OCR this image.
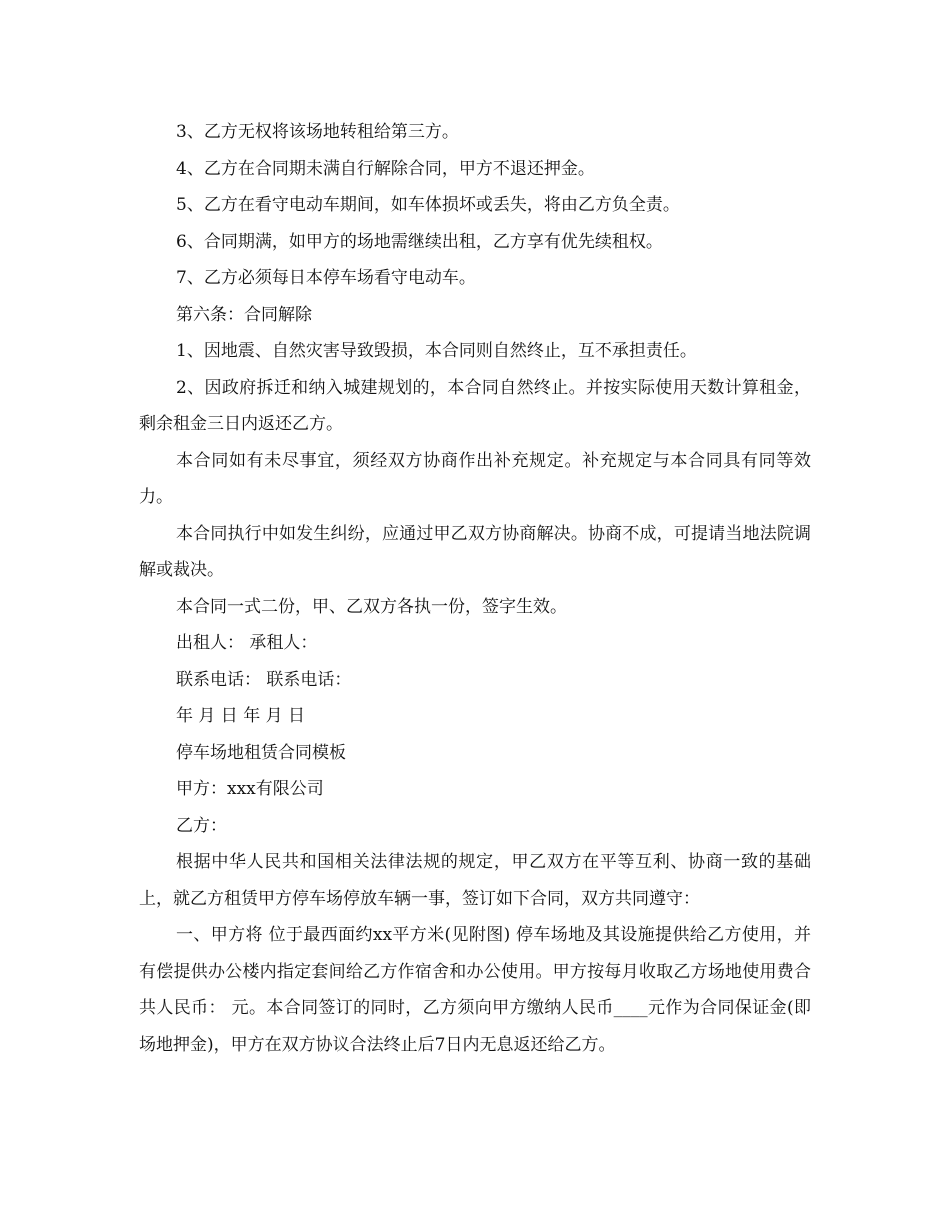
3、乙方无权将该场地转租给第三方。

4、乙方在合同期未满自行解除合同，甲方不退还押金。

5、乙方在看守电动车期间，如车体损坏或丢失，将由乙方负全责。

6、合同期满，如甲方的场地需继续出租，乙方享有优先续租权。

7、乙方必须每日本停车场看守电动车。

第六条：合同解除

1、因地震、自然灾害导致毁损，本合同则自然终止，互不承担责任。

2、因政府拆迁和纳入城建规划的，本合同自然终止。并按实际使用天数计算租金，剩余租金三日内返还乙方。

本合同如有未尽事宜，须经双方协商作出补充规定。补充规定与本合同具有同等效力。

本合同执行中如发生纠纷，应通过甲乙双方协商解决。协商不成，可提请当地法院调解或裁决。

本合同一式二份，甲、乙双方各执一份，签字生效。

出租人： 承租人：

联系电话： 联系电话：

年 月 日 年 月 日

停车场地租赁合同模板

甲方：xxx有限公司

乙方：

根据中华人民共和国相关法律法规的规定，甲乙双方在平等互利、协商一致的基础上，就乙方租赁甲方停车场停放车辆一事，签订如下合同，双方共同遵守：

一、甲方将 位于最西面约xx平方米(见附图) 停车场地及其设施提供给乙方使用，并有偿提供办公楼内指定套间给乙方作宿舍和办公使用。甲方按每月收取乙方场地使用费合共人民币： 元。本合同签订的同时，乙方须向甲方缴纳人民币____元作为合同保证金(即场地押金)，甲方在双方协议合法终止后7日内无息返还给乙方。
